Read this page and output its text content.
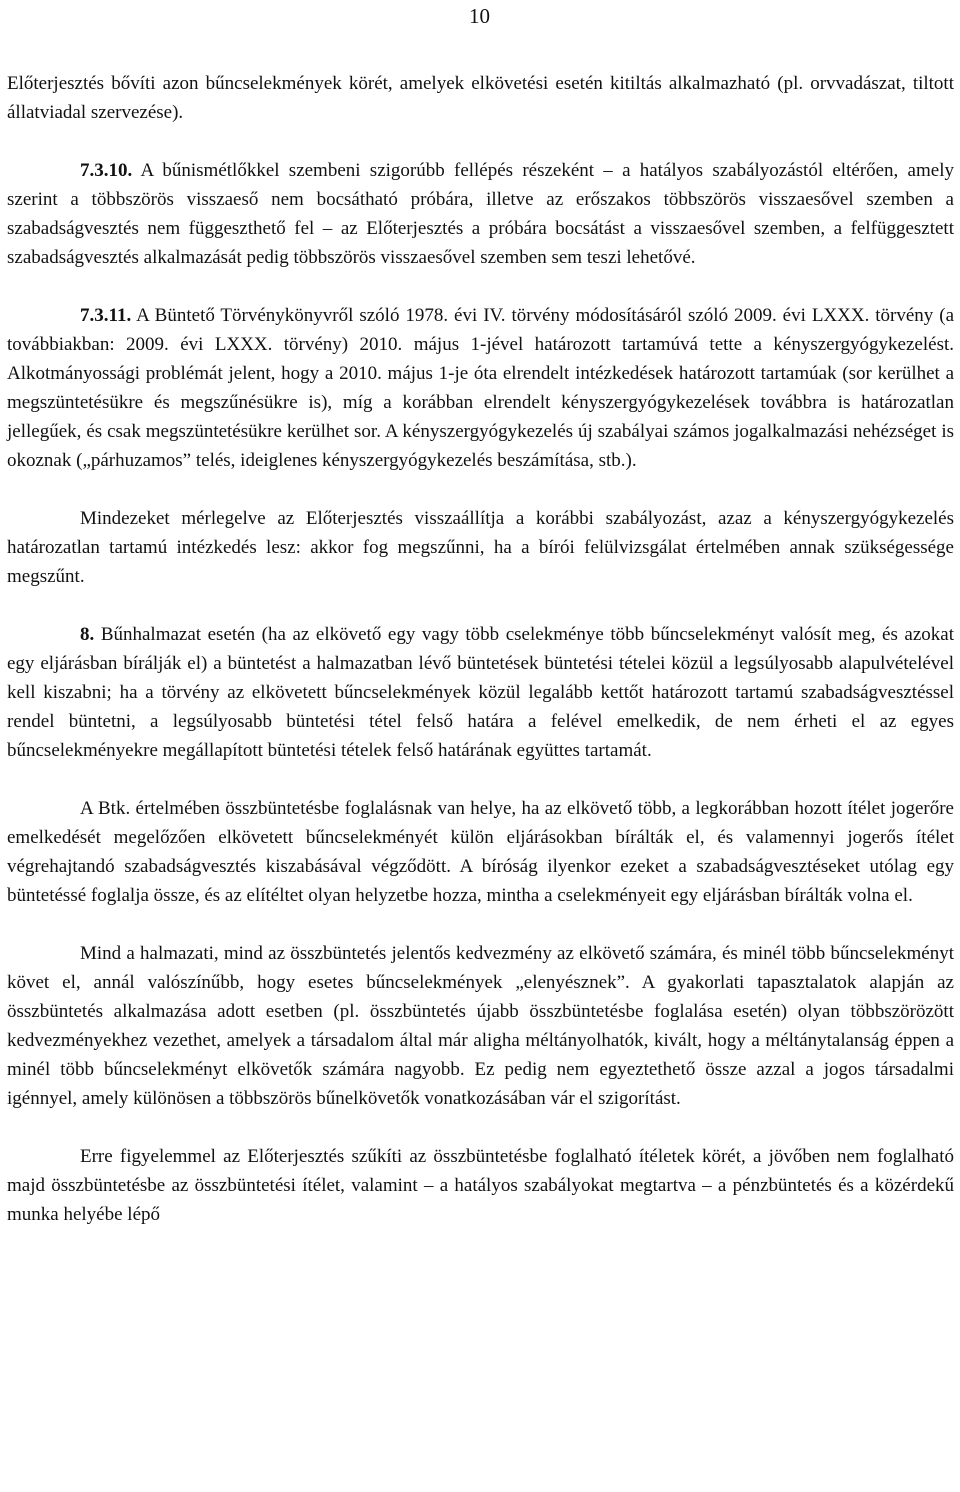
10

Előterjesztés bővíti azon bűncselekmények körét, amelyek elkövetési esetén kitiltás alkalmazható (pl. orvvadászat, tiltott állatviadal szervezése).

7.3.10. A bűnismétlőkkel szembeni szigorúbb fellépés részeként – a hatályos szabályozástól eltérően, amely szerint a többszörös visszaeső nem bocsátható próbára, illetve az erőszakos többszörös visszaesővel szemben a szabadságvesztés nem függeszthető fel – az Előterjesztés a próbára bocsátást a visszaesővel szemben, a felfüggesztett szabadságvesztés alkalmazását pedig többszörös visszaesővel szemben sem teszi lehetővé.

7.3.11. A Büntető Törvénykönyvről szóló 1978. évi IV. törvény módosításáról szóló 2009. évi LXXX. törvény (a továbbiakban: 2009. évi LXXX. törvény) 2010. május 1-jével határozott tartamúvá tette a kényszergyógykezelést. Alkotmányossági problémát jelent, hogy a 2010. május 1-je óta elrendelt intézkedések határozott tartamúak (sor kerülhet a megszüntetésükre és megszűnésükre is), míg a korábban elrendelt kényszergyógykezelések továbbra is határozatlan jellegűek, és csak megszüntetésükre kerülhet sor. A kényszergyógykezelés új szabályai számos jogalkalmazási nehézséget is okoznak („párhuzamos” telés, ideiglenes kényszergyógykezelés beszámítása, stb.).

Mindezeket mérlegelve az Előterjesztés visszaállítja a korábbi szabályozást, azaz a kényszergyógykezelés határozatlan tartamú intézkedés lesz: akkor fog megszűnni, ha a bírói felülvizsgálat értelmében annak szükségessége megszűnt.

8. Bűnhalmazat esetén (ha az elkövető egy vagy több cselekménye több bűncselekményt valósít meg, és azokat egy eljárásban bírálják el) a büntetést a halmazatban lévő büntetések büntetési tételei közül a legsúlyosabb alapulvételével kell kiszabni; ha a törvény az elkövetett bűncselekmények közül legalább kettőt határozott tartamú szabadságvesztéssel rendel büntetni, a legsúlyosabb büntetési tétel felső határa a felével emelkedik, de nem érheti el az egyes bűncselekményekre megállapított büntetési tételek felső határának együttes tartamát.

A Btk. értelmében összbüntetésbe foglalásnak van helye, ha az elkövető több, a legkorábban hozott ítélet jogerőre emelkedését megelőzően elkövetett bűncselekményét külön eljárásokban bírálták el, és valamennyi jogerős ítélet végrehajtandó szabadságvesztés kiszabásával végződött. A bíróság ilyenkor ezeket a szabadságvesztéseket utólag egy büntetéssé foglalja össze, és az elítéltet olyan helyzetbe hozza, mintha a cselekményeit egy eljárásban bírálták volna el.

Mind a halmazati, mind az összbüntetés jelentős kedvezmény az elkövető számára, és minél több bűncselekményt követ el, annál valószínűbb, hogy esetes bűncselekmények „elenyésznek”. A gyakorlati tapasztalatok alapján az összbüntetés alkalmazása adott esetben (pl. összbüntetés újabb összbüntetésbe foglalása esetén) olyan többszörözött kedvezményekhez vezethet, amelyek a társadalom által már aligha méltányolhatók, kivált, hogy a méltánytalanság éppen a minél több bűncselekményt elkövetők számára nagyobb. Ez pedig nem egyeztethető össze azzal a jogos társadalmi igénnyel, amely különösen a többszörös bűnelkövetők vonatkozásában vár el szigorítást.

Erre figyelemmel az Előterjesztés szűkíti az összbüntetésbe foglalható ítéletek körét, a jövőben nem foglalható majd összbüntetésbe az összbüntetési ítélet, valamint – a hatályos szabályokat megtartva – a pénzbüntetés és a közérdekű munka helyébe lépő
